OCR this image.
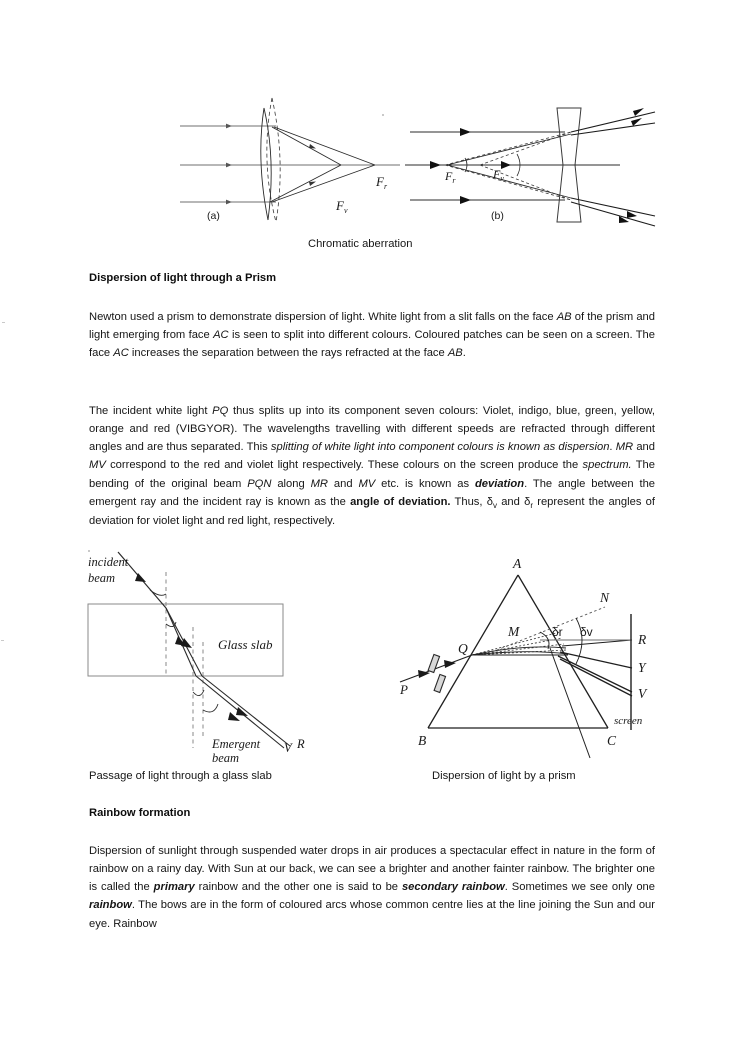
$F_v$
$F_r$
(a)
$F_r$	$F_v$
(b)
Chromatic aberration
Dispersion of light through a Prism
Newton used a prism to demonstrate dispersion of light. White light from a slit falls on the face AB of the prism and light emerging from face AC is seen to split into different colours. Coloured patches can be seen on a screen. The face AC increases the separation between the rays refracted at the face AB.
The incident white light PQ thus splits up into its component seven colours: Violet, indigo, blue, green, yellow, orange and red (VIBGYOR). The wavelengths travelling with different speeds are refracted through different angles and are thus separated. This splitting of white light into component colours is known as dispersion. MR and MV correspond to the red and violet light respectively. These colours on the screen produce the spectrum. The bending of the original beam PQN along MR and MV etc. is known as deviation. The angle between the emergent ray and the incident ray is known as the angle of deviation. Thus, $\delta_v$ and $\delta_r$ represent the angles of deviation for violet light and red light, respectively.
incident
beam
Glass slab
Emergent
beam
V R
A
B	C
Q
M
N
P
δr δv	R
Y
V
screen
Passage of light through a glass slab	Dispersion of light by a prism
Rainbow formation
Dispersion of sunlight through suspended water drops in air produces a spectacular effect in nature in the form of rainbow on a rainy day. With Sun at our back, we can see a brighter and another fainter rainbow. The brighter one is called the primary rainbow and the other one is said to be secondary rainbow. Sometimes we see only one rainbow. The bows are in the form of coloured arcs whose common centre lies at the line joining the Sun and our eye. Rainbow
